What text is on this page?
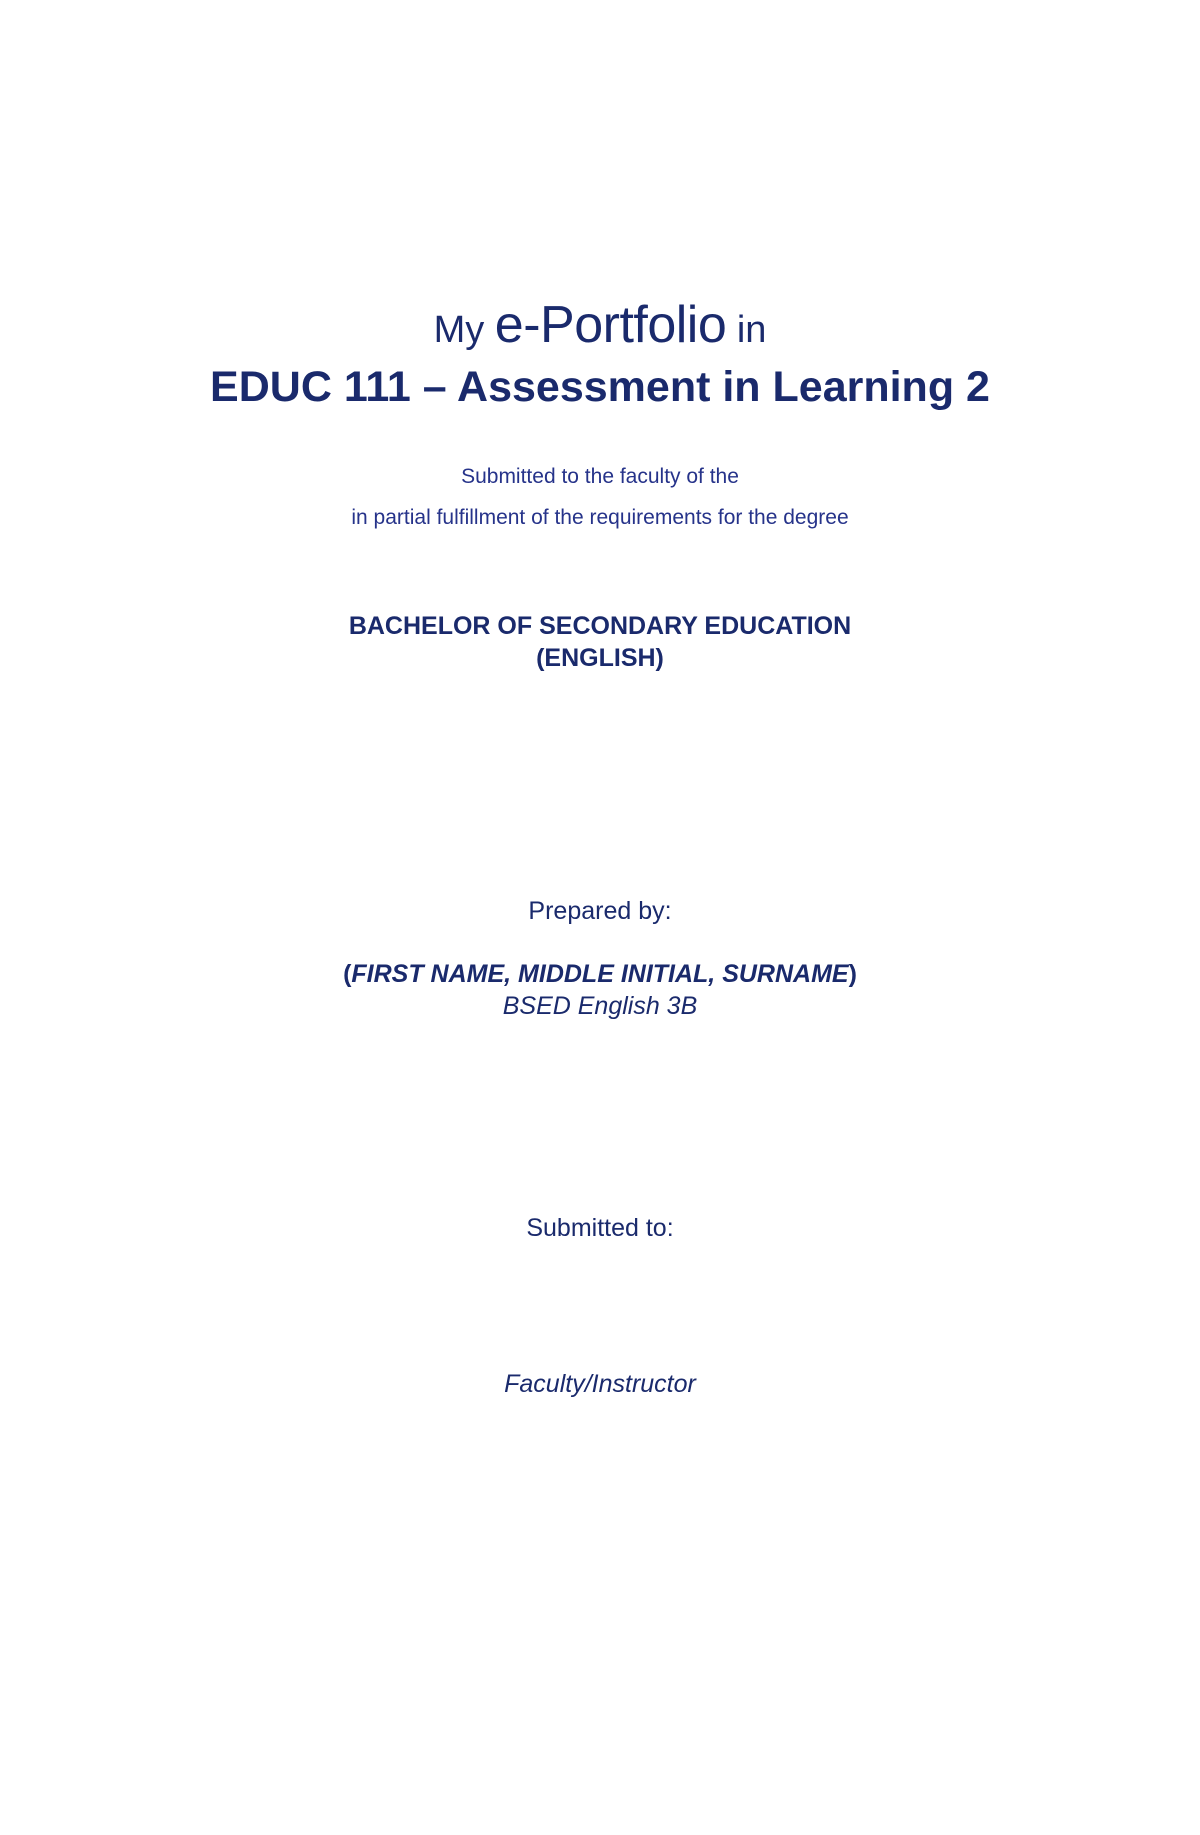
My e-Portfolio in
EDUC 111 – Assessment in Learning 2
Submitted to the faculty of the
in partial fulfillment of the requirements for the degree
BACHELOR OF SECONDARY EDUCATION
(ENGLISH)
Prepared by:
(FIRST NAME, MIDDLE INITIAL, SURNAME)
BSED English 3B
Submitted to:
Faculty/Instructor
